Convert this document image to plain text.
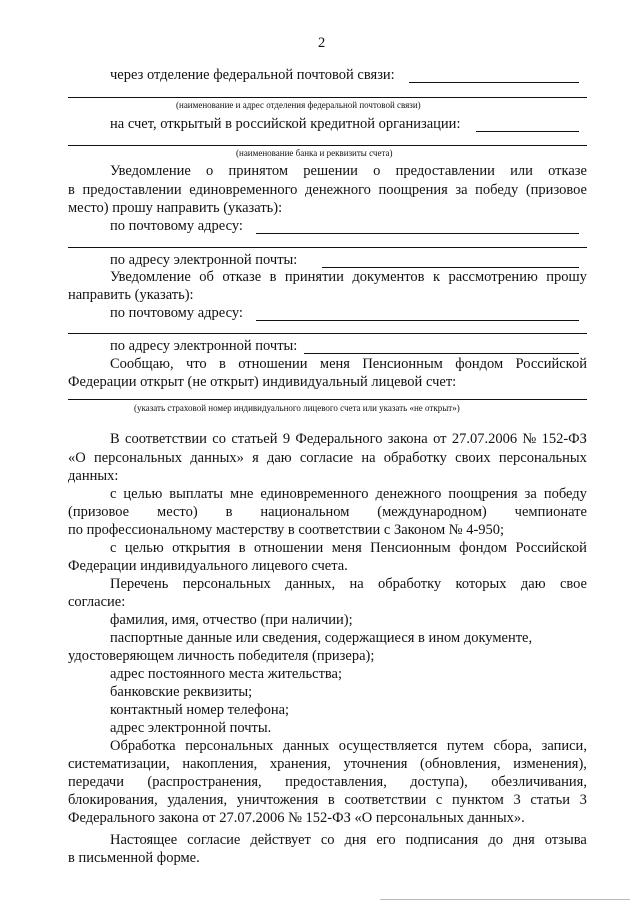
2
через отделение федеральной почтовой связи:
(наименование и адрес отделения федеральной почтовой связи)
на счет, открытый в российской кредитной организации:
(наименование банка и реквизиты счета)
Уведомление о принятом решении о предоставлении или отказе
в предоставлении единовременного денежного поощрения за победу (призовое
место) прошу направить (указать):
по почтовому адресу:
по адресу электронной почты:
Уведомление об отказе в принятии документов к рассмотрению прошу
направить (указать):
по почтовому адресу:
по адресу электронной почты:
Сообщаю, что в отношении меня Пенсионным фондом Российской
Федерации открыт (не открыт) индивидуальный лицевой счет:
(указать страховой номер индивидуального лицевого счета или указать «не открыт»)
В соответствии со статьей 9 Федерального закона от 27.07.2006 № 152-ФЗ
«О персональных данных» я даю согласие на обработку своих персональных
данных:
с целью выплаты мне единовременного денежного поощрения за победу
(призовое место) в национальном (международном) чемпионате
по профессиональному мастерству в соответствии с Законом № 4-950;
с целью открытия в отношении меня Пенсионным фондом Российской
Федерации индивидуального лицевого счета.
Перечень персональных данных, на обработку которых даю свое
согласие:
фамилия, имя, отчество (при наличии);
паспортные данные или сведения, содержащиеся в ином документе,
удостоверяющем личность победителя (призера);
адрес постоянного места жительства;
банковские реквизиты;
контактный номер телефона;
адрес электронной почты.
Обработка персональных данных осуществляется путем сбора, записи,
систематизации, накопления, хранения, уточнения (обновления, изменения),
передачи (распространения, предоставления, доступа), обезличивания,
блокирования, удаления, уничтожения в соответствии с пунктом 3 статьи 3
Федерального закона от 27.07.2006 № 152-ФЗ «О персональных данных».
Настоящее согласие действует со дня его подписания до дня отзыва
в письменной форме.
